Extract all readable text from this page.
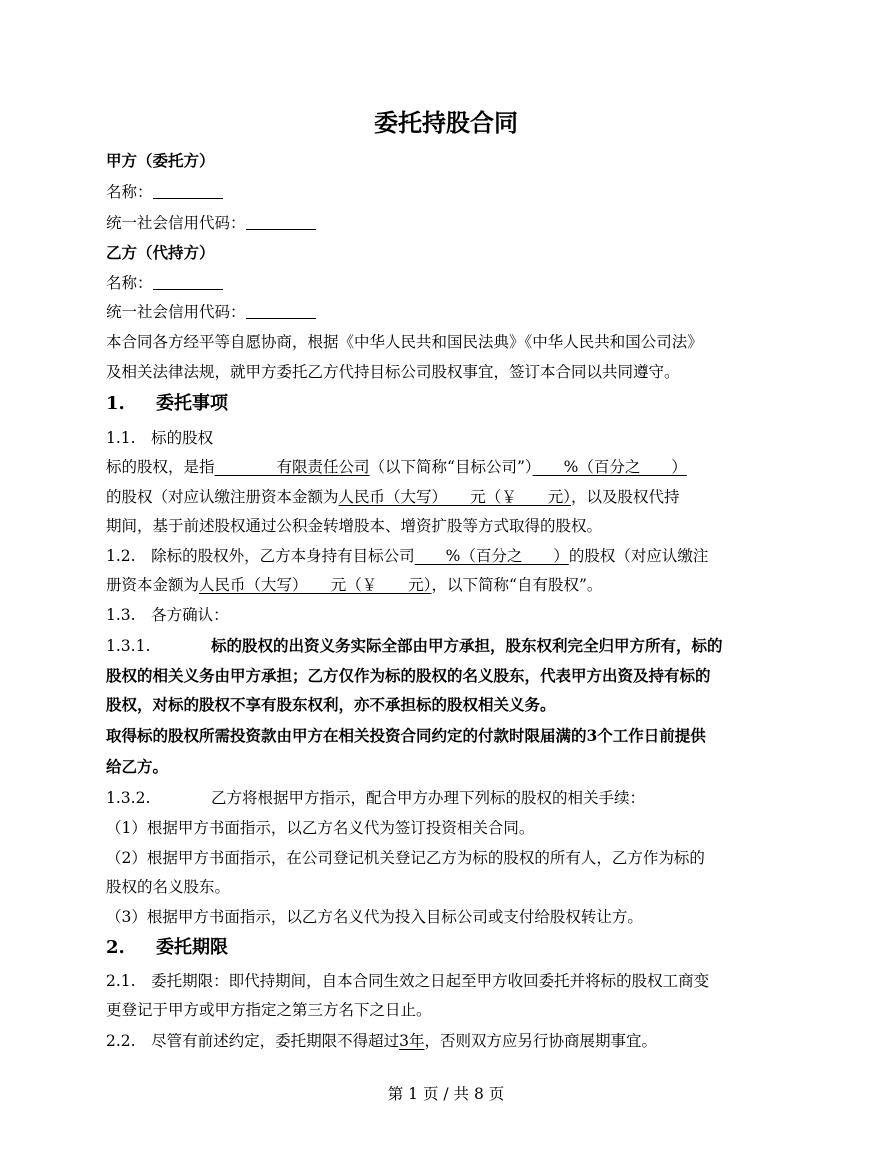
委托持股合同
甲方（委托方）
名称：
统一社会信用代码：
乙方（代持方）
名称：
统一社会信用代码：
本合同各方经平等自愿协商，根据《中华人民共和国民法典》《中华人民共和国公司法》
及相关法律法规，就甲方委托乙方代持目标公司股权事宜，签订本合同以共同遵守。
1. 委托事项
1.1.　标的股权
标的股权，是指　　　　有限责任公司（以下简称“目标公司”）　　%（百分之　　）
的股权（对应认缴注册资本金额为人民币（大写）　　元（￥　　元），以及股权代持
期间，基于前述股权通过公积金转增股本、增资扩股等方式取得的股权。
1.2.　除标的股权外，乙方本身持有目标公司　　%（百分之　　）的股权（对应认缴注
册资本金额为人民币（大写）　　元（￥　　元），以下简称“自有股权”。
1.3.　各方确认：
1.3.1.	标的股权的出资义务实际全部由甲方承担，股东权利完全归甲方所有，标的
股权的相关义务由甲方承担；乙方仅作为标的股权的名义股东，代表甲方出资及持有标的
股权，对标的股权不享有股东权利，亦不承担标的股权相关义务。
取得标的股权所需投资款由甲方在相关投资合同约定的付款时限届满的3个工作日前提供
给乙方。
1.3.2.	乙方将根据甲方指示，配合甲方办理下列标的股权的相关手续：
（1）根据甲方书面指示，以乙方名义代为签订投资相关合同。
（2）根据甲方书面指示，在公司登记机关登记乙方为标的股权的所有人，乙方作为标的
股权的名义股东。
（3）根据甲方书面指示，以乙方名义代为投入目标公司或支付给股权转让方。
2. 委托期限
2.1.　委托期限：即代持期间，自本合同生效之日起至甲方收回委托并将标的股权工商变
更登记于甲方或甲方指定之第三方名下之日止。
2.2.　尽管有前述约定，委托期限不得超过3年，否则双方应另行协商展期事宜。
第 1 页 / 共 8 页
